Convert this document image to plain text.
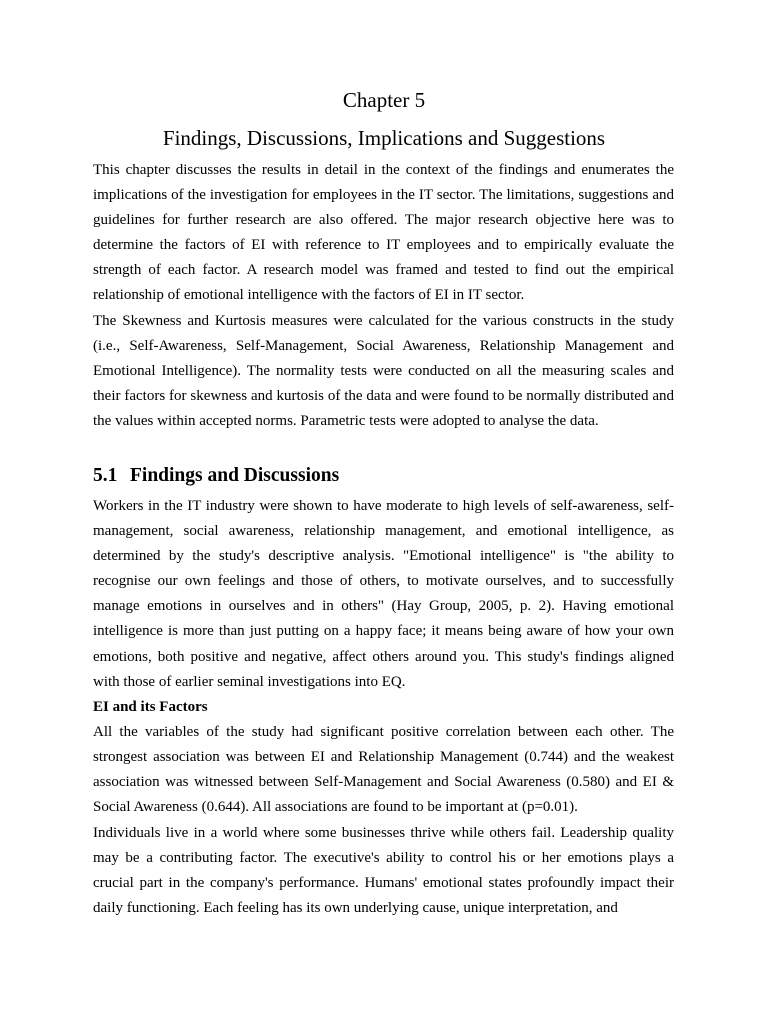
Chapter 5
Findings, Discussions, Implications and Suggestions

This chapter discusses the results in detail in the context of the findings and enumerates the implications of the investigation for employees in the IT sector. The limitations, suggestions and guidelines for further research are also offered. The major research objective here was to determine the factors of EI with reference to IT employees and to empirically evaluate the strength of each factor. A research model was framed and tested to find out the empirical relationship of emotional intelligence with the factors of EI in IT sector.

The Skewness and Kurtosis measures were calculated for the various constructs in the study (i.e., Self-Awareness, Self-Management, Social Awareness, Relationship Management and Emotional Intelligence). The normality tests were conducted on all the measuring scales and their factors for skewness and kurtosis of the data and were found to be normally distributed and the values within accepted norms. Parametric tests were adopted to analyse the data.

5.1 Findings and Discussions

Workers in the IT industry were shown to have moderate to high levels of self-awareness, self-management, social awareness, relationship management, and emotional intelligence, as determined by the study's descriptive analysis. "Emotional intelligence" is "the ability to recognise our own feelings and those of others, to motivate ourselves, and to successfully manage emotions in ourselves and in others" (Hay Group, 2005, p. 2). Having emotional intelligence is more than just putting on a happy face; it means being aware of how your own emotions, both positive and negative, affect others around you. This study's findings aligned with those of earlier seminal investigations into EQ.

EI and its Factors

All the variables of the study had significant positive correlation between each other. The strongest association was between EI and Relationship Management (0.744) and the weakest association was witnessed between Self-Management and Social Awareness (0.580) and EI & Social Awareness (0.644). All associations are found to be important at (p=0.01).

Individuals live in a world where some businesses thrive while others fail. Leadership quality may be a contributing factor. The executive's ability to control his or her emotions plays a crucial part in the company's performance. Humans' emotional states profoundly impact their daily functioning. Each feeling has its own underlying cause, unique interpretation, and
